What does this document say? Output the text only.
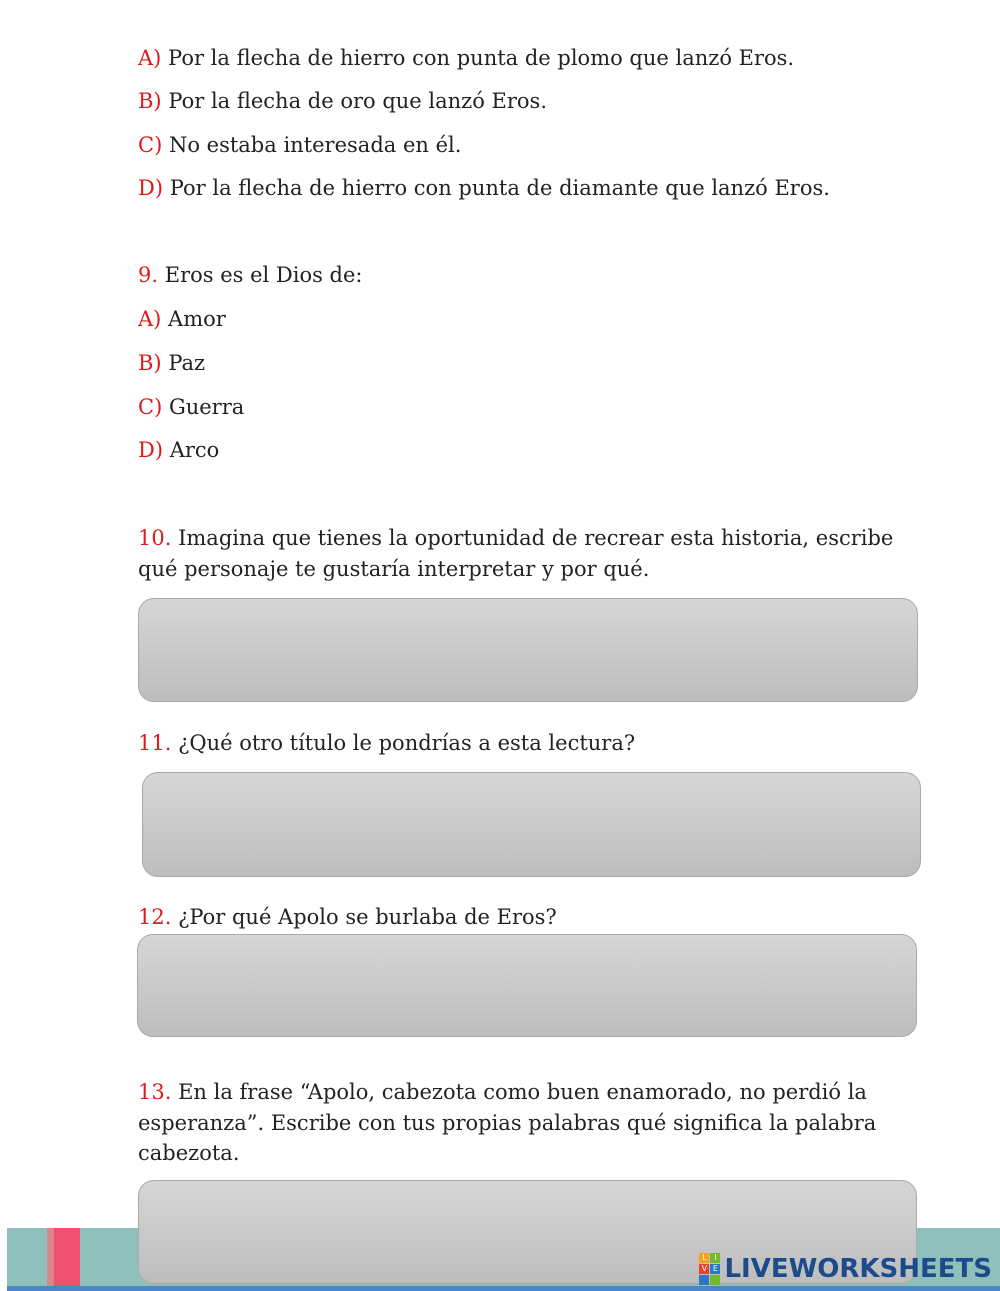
A) Por la flecha de hierro con punta de plomo que lanzó Eros.
B) Por la flecha de oro que lanzó Eros.
C) No estaba interesada en él.
D) Por la flecha de hierro con punta de diamante que lanzó Eros.
9. Eros es el Dios de:
A) Amor
B) Paz
C) Guerra
D) Arco
10. Imagina que tienes la oportunidad de recrear esta historia, escribe
qué personaje te gustaría interpretar y por qué.
11. ¿Qué otro título le pondrías a esta lectura?
12. ¿Por qué Apolo se burlaba de Eros?
13. En la frase “Apolo, cabezota como buen enamorado, no perdió la
esperanza”. Escribe con tus propias palabras qué significa la palabra
cabezota.
L I
V E LIVEWORKSHEETS
